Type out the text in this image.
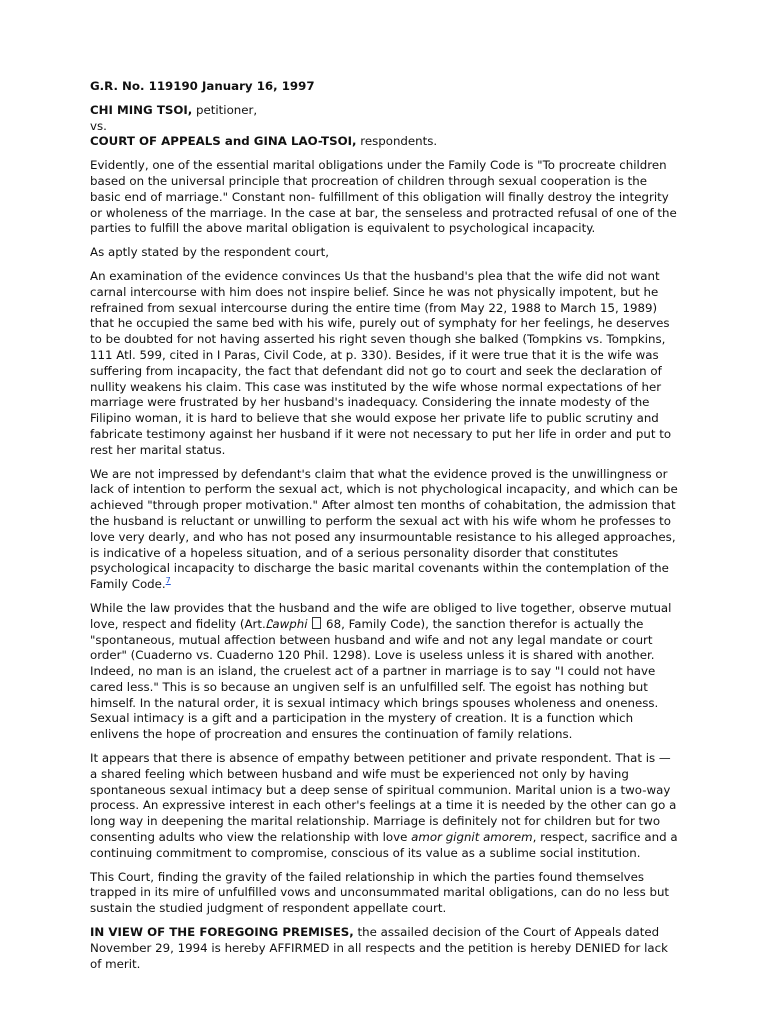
G.R. No. 119190 January 16, 1997

CHI MING TSOI, petitioner,
vs.
COURT OF APPEALS and GINA LAO-TSOI, respondents.

Evidently, one of the essential marital obligations under the Family Code is "To procreate children based on the universal principle that procreation of children through sexual cooperation is the basic end of marriage." Constant non- fulfillment of this obligation will finally destroy the integrity or wholeness of the marriage. In the case at bar, the senseless and protracted refusal of one of the parties to fulfill the above marital obligation is equivalent to psychological incapacity.

As aptly stated by the respondent court,

An examination of the evidence convinces Us that the husband's plea that the wife did not want carnal intercourse with him does not inspire belief. Since he was not physically impotent, but he refrained from sexual intercourse during the entire time (from May 22, 1988 to March 15, 1989) that he occupied the same bed with his wife, purely out of symphaty for her feelings, he deserves to be doubted for not having asserted his right seven though she balked (Tompkins vs. Tompkins, 111 Atl. 599, cited in I Paras, Civil Code, at p. 330). Besides, if it were true that it is the wife was suffering from incapacity, the fact that defendant did not go to court and seek the declaration of nullity weakens his claim. This case was instituted by the wife whose normal expectations of her marriage were frustrated by her husband's inadequacy. Considering the innate modesty of the Filipino woman, it is hard to believe that she would expose her private life to public scrutiny and fabricate testimony against her husband if it were not necessary to put her life in order and put to rest her marital status.

We are not impressed by defendant's claim that what the evidence proved is the unwillingness or lack of intention to perform the sexual act, which is not phychological incapacity, and which can be achieved "through proper motivation." After almost ten months of cohabitation, the admission that the husband is reluctant or unwilling to perform the sexual act with his wife whom he professes to love very dearly, and who has not posed any insurmountable resistance to his alleged approaches, is indicative of a hopeless situation, and of a serious personality disorder that constitutes psychological incapacity to discharge the basic marital covenants within the contemplation of the Family Code.$^7$

While the law provides that the husband and the wife are obliged to live together, observe mutual love, respect and fidelity (Art.Ꮭawphi  68, Family Code), the sanction therefor is actually the "spontaneous, mutual affection between husband and wife and not any legal mandate or court order" (Cuaderno vs. Cuaderno 120 Phil. 1298). Love is useless unless it is shared with another. Indeed, no man is an island, the cruelest act of a partner in marriage is to say "I could not have cared less." This is so because an ungiven self is an unfulfilled self. The egoist has nothing but himself. In the natural order, it is sexual intimacy which brings spouses wholeness and oneness. Sexual intimacy is a gift and a participation in the mystery of creation. It is a function which enlivens the hope of procreation and ensures the continuation of family relations.

It appears that there is absence of empathy between petitioner and private respondent. That is — a shared feeling which between husband and wife must be experienced not only by having spontaneous sexual intimacy but a deep sense of spiritual communion. Marital union is a two-way process. An expressive interest in each other's feelings at a time it is needed by the other can go a long way in deepening the marital relationship. Marriage is definitely not for children but for two consenting adults who view the relationship with love amor gignit amorem, respect, sacrifice and a continuing commitment to compromise, conscious of its value as a sublime social institution.

This Court, finding the gravity of the failed relationship in which the parties found themselves trapped in its mire of unfulfilled vows and unconsummated marital obligations, can do no less but sustain the studied judgment of respondent appellate court.

IN VIEW OF THE FOREGOING PREMISES, the assailed decision of the Court of Appeals dated November 29, 1994 is hereby AFFIRMED in all respects and the petition is hereby DENIED for lack of merit.
